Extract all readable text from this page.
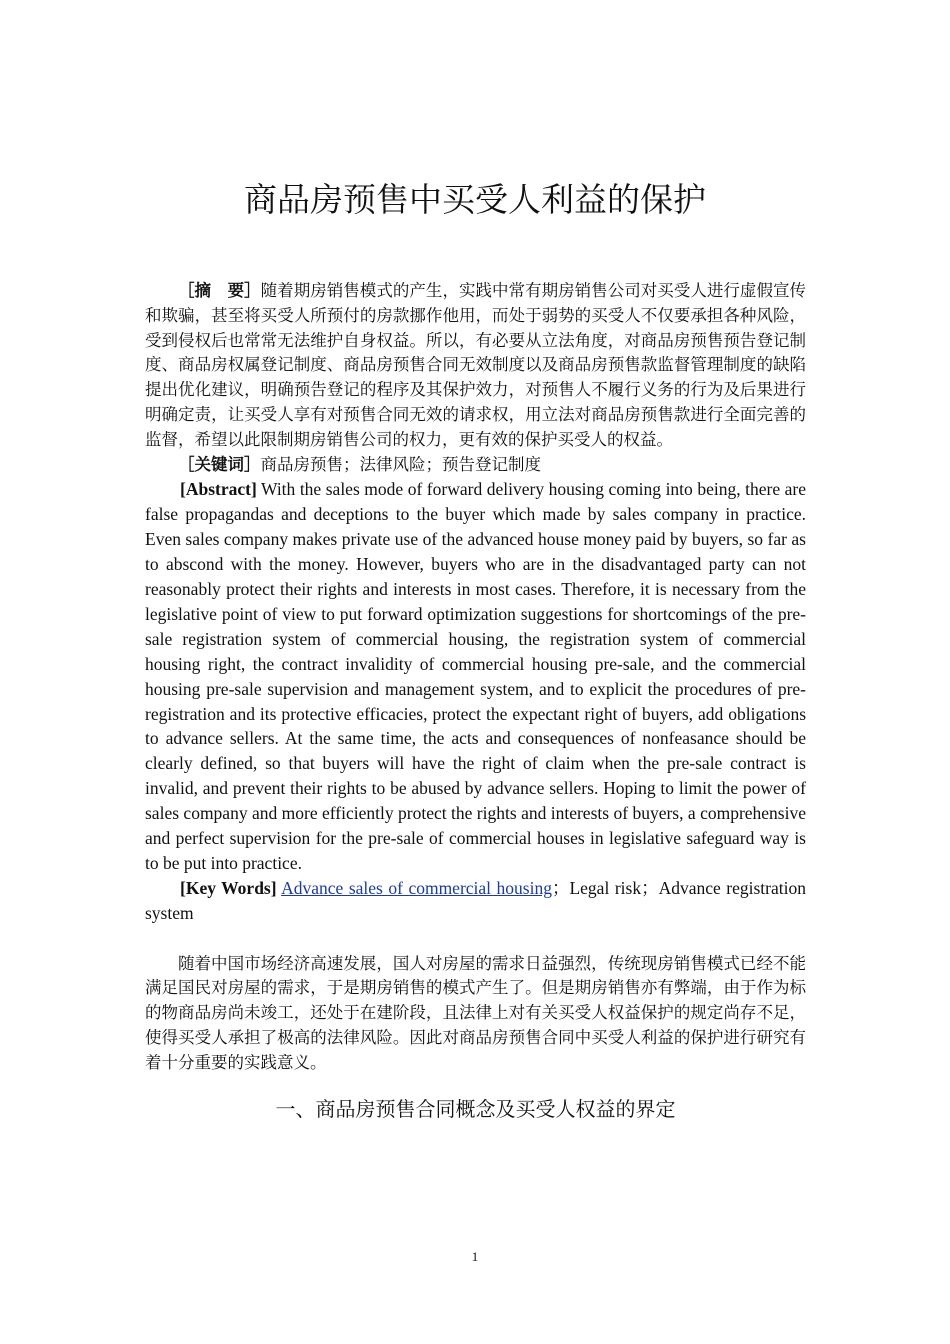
商品房预售中买受人利益的保护

［摘　要］随着期房销售模式的产生，实践中常有期房销售公司对买受人进行虚假宣传和欺骗，甚至将买受人所预付的房款挪作他用，而处于弱势的买受人不仅要承担各种风险，受到侵权后也常常无法维护自身权益。所以，有必要从立法角度，对商品房预售预告登记制度、商品房权属登记制度、商品房预售合同无效制度以及商品房预售款监督管理制度的缺陷提出优化建议，明确预告登记的程序及其保护效力，对预售人不履行义务的行为及后果进行明确定责，让买受人享有对预售合同无效的请求权，用立法对商品房预售款进行全面完善的监督，希望以此限制期房销售公司的权力，更有效的保护买受人的权益。

［关键词］商品房预售；法律风险；预告登记制度

[Abstract] With the sales mode of forward delivery housing coming into being, there are false propagandas and deceptions to the buyer which made by sales company in practice. Even sales company makes private use of the advanced house money paid by buyers, so far as to abscond with the money. However, buyers who are in the disadvantaged party can not reasonably protect their rights and interests in most cases. Therefore, it is necessary from the legislative point of view to put forward optimization suggestions for shortcomings of the pre-sale registration system of commercial housing, the registration system of commercial housing right, the contract invalidity of commercial housing pre-sale, and the commercial housing pre-sale supervision and management system, and to explicit the procedures of pre-registration and its protective efficacies, protect the expectant right of buyers, add obligations to advance sellers. At the same time, the acts and consequences of nonfeasance should be clearly defined, so that buyers will have the right of claim when the pre-sale contract is invalid, and prevent their rights to be abused by advance sellers. Hoping to limit the power of sales company and more efficiently protect the rights and interests of buyers, a comprehensive and perfect supervision for the pre-sale of commercial houses in legislative safeguard way is to be put into practice.

[Key Words] Advance sales of commercial housing；Legal risk；Advance registration system

随着中国市场经济高速发展，国人对房屋的需求日益强烈，传统现房销售模式已经不能满足国民对房屋的需求，于是期房销售的模式产生了。但是期房销售亦有弊端，由于作为标的物商品房尚未竣工，还处于在建阶段，且法律上对有关买受人权益保护的规定尚存不足，使得买受人承担了极高的法律风险。因此对商品房预售合同中买受人利益的保护进行研究有着十分重要的实践意义。

一、商品房预售合同概念及买受人权益的界定
1
